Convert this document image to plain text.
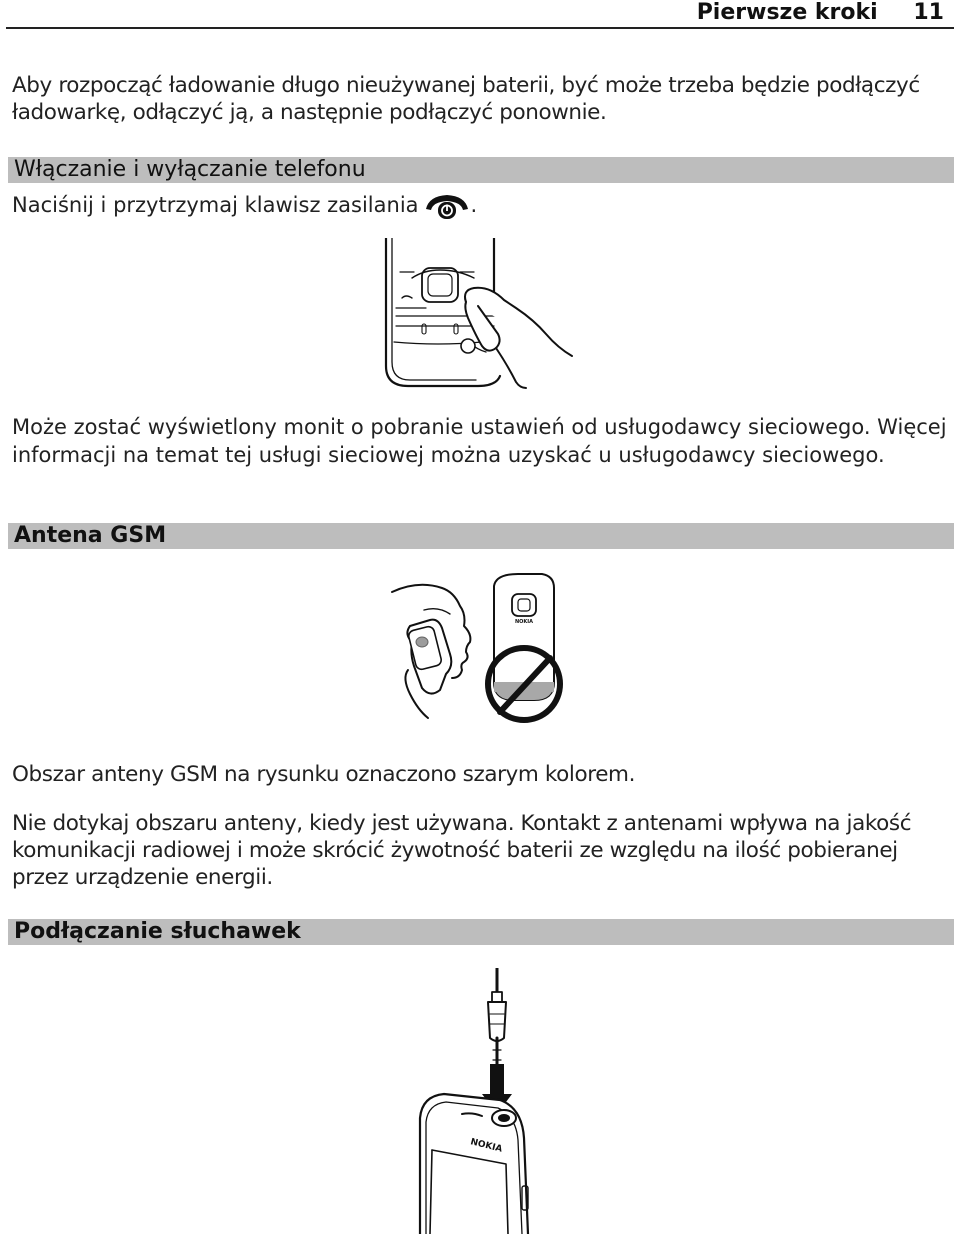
Pierwsze kroki 11
Aby rozpocząć ładowanie długo nieużywanej baterii, być może trzeba będzie podłączyć ładowarkę, odłączyć ją, a następnie podłączyć ponownie.
Włączanie i wyłączanie telefonu
Naciśnij i przytrzymaj klawisz zasilania .
Może zostać wyświetlony monit o pobranie ustawień od usługodawcy sieciowego. Więcej informacji na temat tej usługi sieciowej można uzyskać u usługodawcy sieciowego.
Antena GSM
NOKIA
Obszar anteny GSM na rysunku oznaczono szarym kolorem.
Nie dotykaj obszaru anteny, kiedy jest używana. Kontakt z antenami wpływa na jakość komunikacji radiowej i może skrócić żywotność baterii ze względu na ilość pobieranej przez urządzenie energii.
Podłączanie słuchawek
NOKIA
